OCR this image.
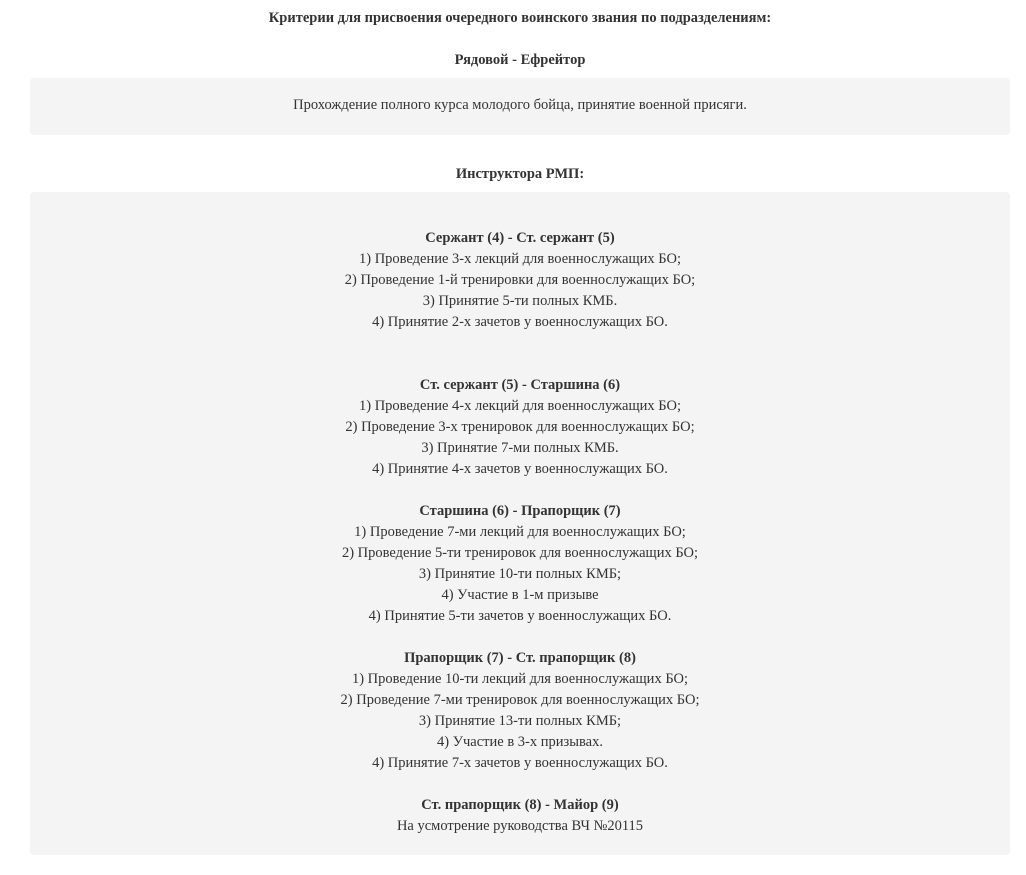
Критерии для присвоения очередного воинского звания по подразделениям:
Рядовой - Ефрейтор
Прохождение полного курса молодого бойца, принятие военной присяги.
Инструктора РМП:
Сержант (4) - Ст. сержант (5)
1) Проведение 3-х лекций для военнослужащих БО;
2) Проведение 1-й тренировки для военнослужащих БО;
3) Принятие 5-ти полных КМБ.
4) Принятие 2-х зачетов у военнослужащих БО.
Ст. сержант (5) - Старшина (6)
1) Проведение 4-х лекций для военнослужащих БО;
2) Проведение 3-х тренировок для военнослужащих БО;
3) Принятие 7-ми полных КМБ.
4) Принятие 4-х зачетов у военнослужащих БО.
Старшина (6) - Прапорщик (7)
1) Проведение 7-ми лекций для военнослужащих БО;
2) Проведение 5-ти тренировок для военнослужащих БО;
3) Принятие 10-ти полных КМБ;
4) Участие в 1-м призыве
4) Принятие 5-ти зачетов у военнослужащих БО.
Прапорщик (7) - Ст. прапорщик (8)
1) Проведение 10-ти лекций для военнослужащих БО;
2) Проведение 7-ми тренировок для военнослужащих БО;
3) Принятие 13-ти полных КМБ;
4) Участие в 3-х призывах.
4) Принятие 7-х зачетов у военнослужащих БО.
Ст. прапорщик (8) - Майор (9)
На усмотрение руководства ВЧ №20115
